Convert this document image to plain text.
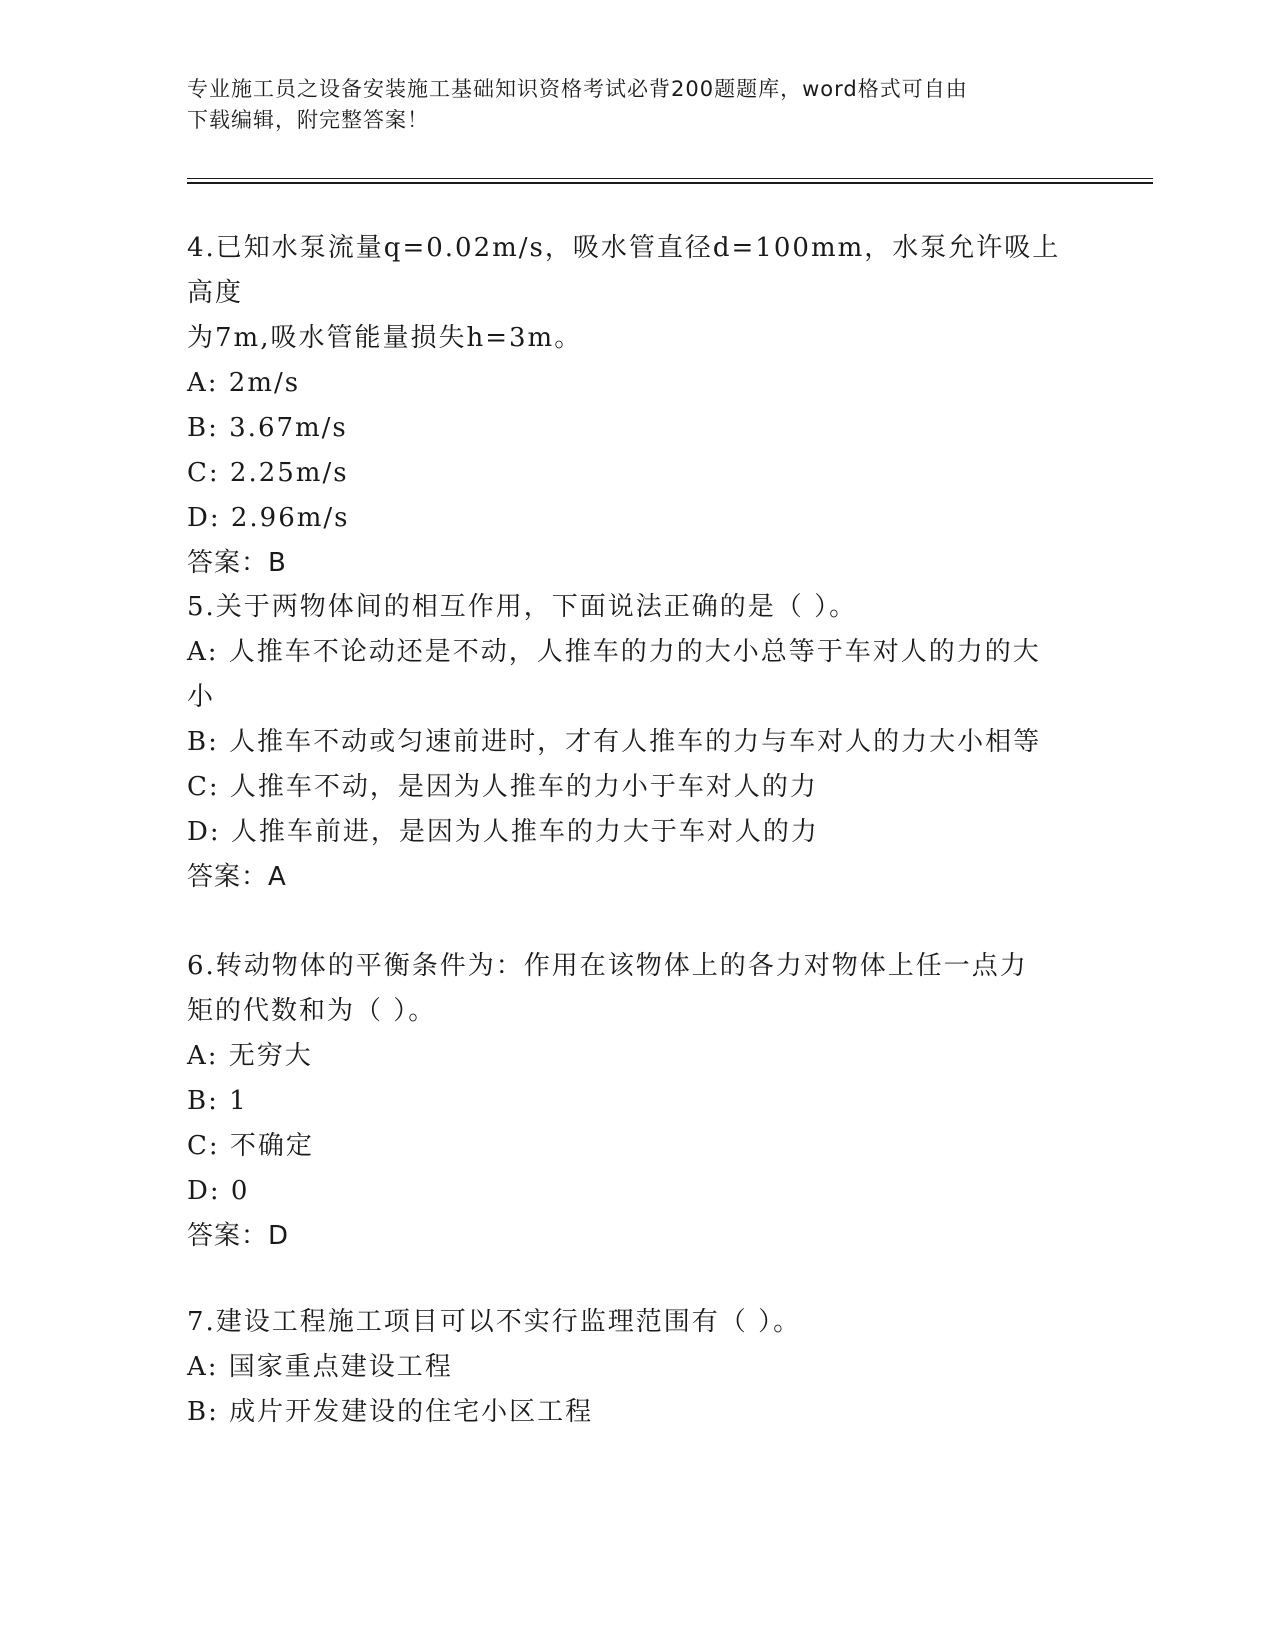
专业施工员之设备安装施工基础知识资格考试必背200题题库，word格式可自由
下载编辑，附完整答案！

4.已知水泵流量q=0.02m/s，吸水管直径d=100mm，水泵允许吸上高度

为7m,吸水管能量损失h=3m。

A: 2m/s

B: 3.67m/s

C: 2.25m/s

D: 2.96m/s

答案：B

5.关于两物体间的相互作用，下面说法正确的是（ ）。

A: 人推车不论动还是不动，人推车的力的大小总等于车对人的力的大

小

B: 人推车不动或匀速前进时，才有人推车的力与车对人的力大小相等

C: 人推车不动，是因为人推车的力小于车对人的力

D: 人推车前进，是因为人推车的力大于车对人的力

答案：A

6.转动物体的平衡条件为：作用在该物体上的各力对物体上任一点力

矩的代数和为（ ）。

A: 无穷大

B: 1

C: 不确定

D: 0

答案：D

7.建设工程施工项目可以不实行监理范围有（ ）。

A: 国家重点建设工程

B: 成片开发建设的住宅小区工程
